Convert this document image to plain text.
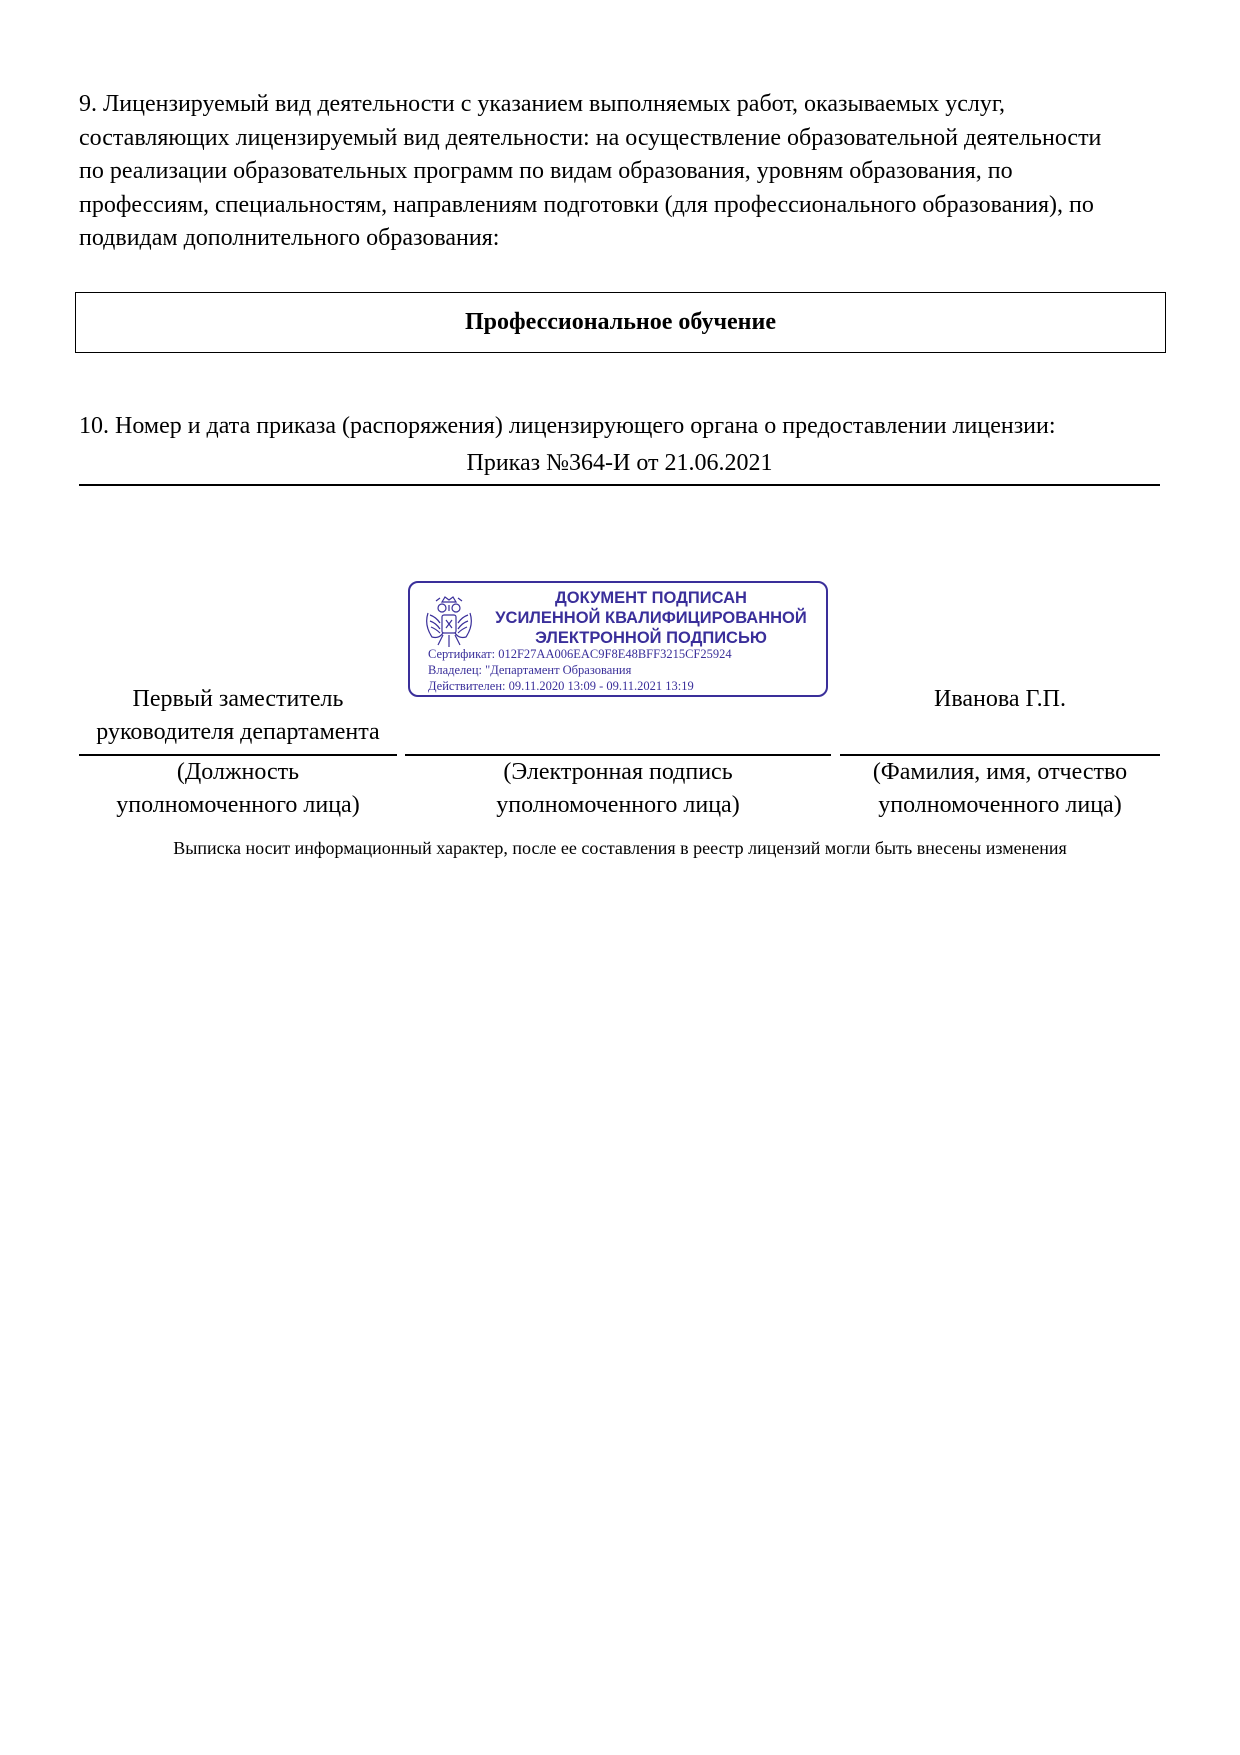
9. Лицензируемый вид деятельности с указанием выполняемых работ, оказываемых услуг,
составляющих лицензируемый вид деятельности: на осуществление образовательной деятельности
по реализации образовательных программ по видам образования, уровням образования, по
профессиям, специальностям, направлениям подготовки (для профессионального образования), по
подвидам дополнительного образования:
Профессиональное обучение
10. Номер и дата приказа (распоряжения) лицензирующего органа о предоставлении лицензии:
Приказ №364-И от 21.06.2021
ДОКУМЕНТ ПОДПИСАН
УСИЛЕННОЙ КВАЛИФИЦИРОВАННОЙ
ЭЛЕКТРОННОЙ ПОДПИСЬЮ
Сертификат: 012F27AA006EAC9F8E48BFF3215CF25924
Владелец: "Департамент Образования
Действителен: 09.11.2020 13:09 - 09.11.2021 13:19
Первый заместитель
руководителя департамента
Иванова Г.П.
(Должность
уполномоченного лица)
(Электронная подпись
уполномоченного лица)
(Фамилия, имя, отчество
уполномоченного лица)
Выписка носит информационный характер, после ее составления в реестр лицензий могли быть внесены изменения
